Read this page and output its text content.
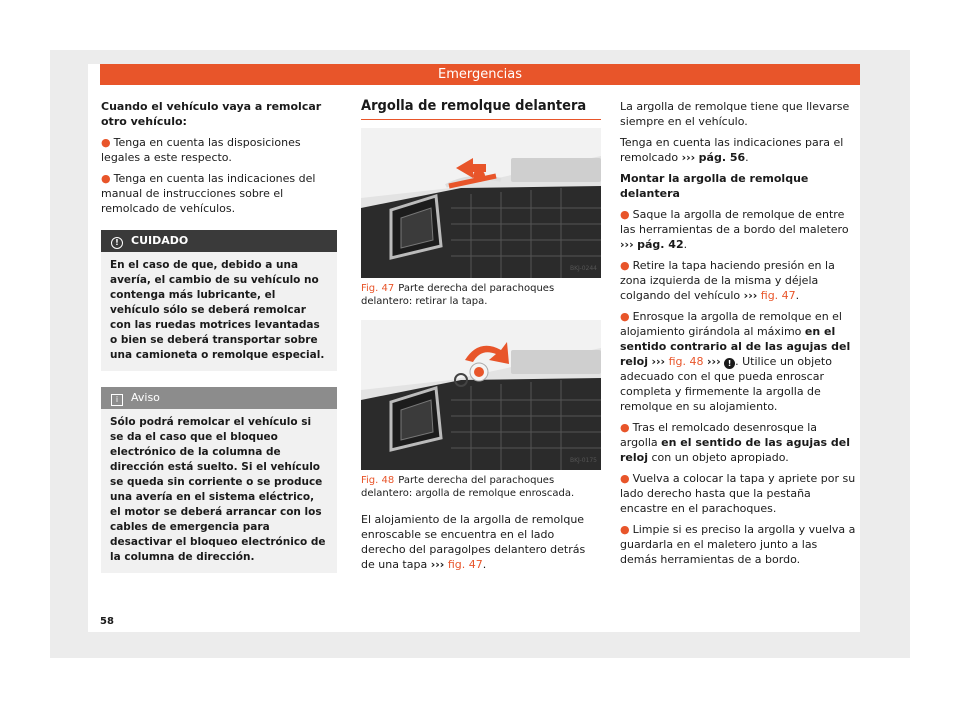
Emergencias

Cuando el vehículo vaya a remolcar otro vehículo:

● Tenga en cuenta las disposiciones legales a este respecto.

● Tenga en cuenta las indicaciones del manual de instrucciones sobre el remolcado de vehículos.

! CUIDADO
En el caso de que, debido a una avería, el cambio de su vehículo no contenga más lubricante, el vehículo sólo se deberá remolcar con las ruedas motrices levantadas o bien se deberá transportar sobre una camioneta o remolque especial.
i Aviso
Sólo podrá remolcar el vehículo si se da el caso que el bloqueo electrónico de la columna de dirección está suelto. Si el vehículo se queda sin corriente o se produce una avería en el sistema eléctrico, el motor se deberá arrancar con los cables de emergencia para desactivar el bloqueo electrónico de la columna de dirección.
Argolla de remolque delantera
BKJ-0244
Fig. 47 Parte derecha del parachoques delantero: retirar la tapa.
BKJ-0175
Fig. 48 Parte derecha del parachoques delantero: argolla de remolque enroscada.

El alojamiento de la argolla de remolque enroscable se encuentra en el lado derecho del paragolpes delantero detrás de una tapa ››› fig. 47.

La argolla de remolque tiene que llevarse siempre en el vehículo.

Tenga en cuenta las indicaciones para el remolcado ››› pág. 56.

Montar la argolla de remolque delantera

● Saque la argolla de remolque de entre las herramientas de a bordo del maletero ››› pág. 42.

● Retire la tapa haciendo presión en la zona izquierda de la misma y déjela colgando del vehículo ››› fig. 47.

● Enrosque la argolla de remolque en el alojamiento girándola al máximo en el sentido contrario al de las agujas del reloj ››› fig. 48 ››› ! . Utilice un objeto adecuado con el que pueda enroscar completa y firmemente la argolla de remolque en su alojamiento.

● Tras el remolcado desenrosque la argolla en el sentido de las agujas del reloj con un objeto apropiado.

● Vuelva a colocar la tapa y apriete por su lado derecho hasta que la pestaña encastre en el parachoques.

● Limpie si es preciso la argolla y vuelva a guardarla en el maletero junto a las demás herramientas de a bordo.

58
